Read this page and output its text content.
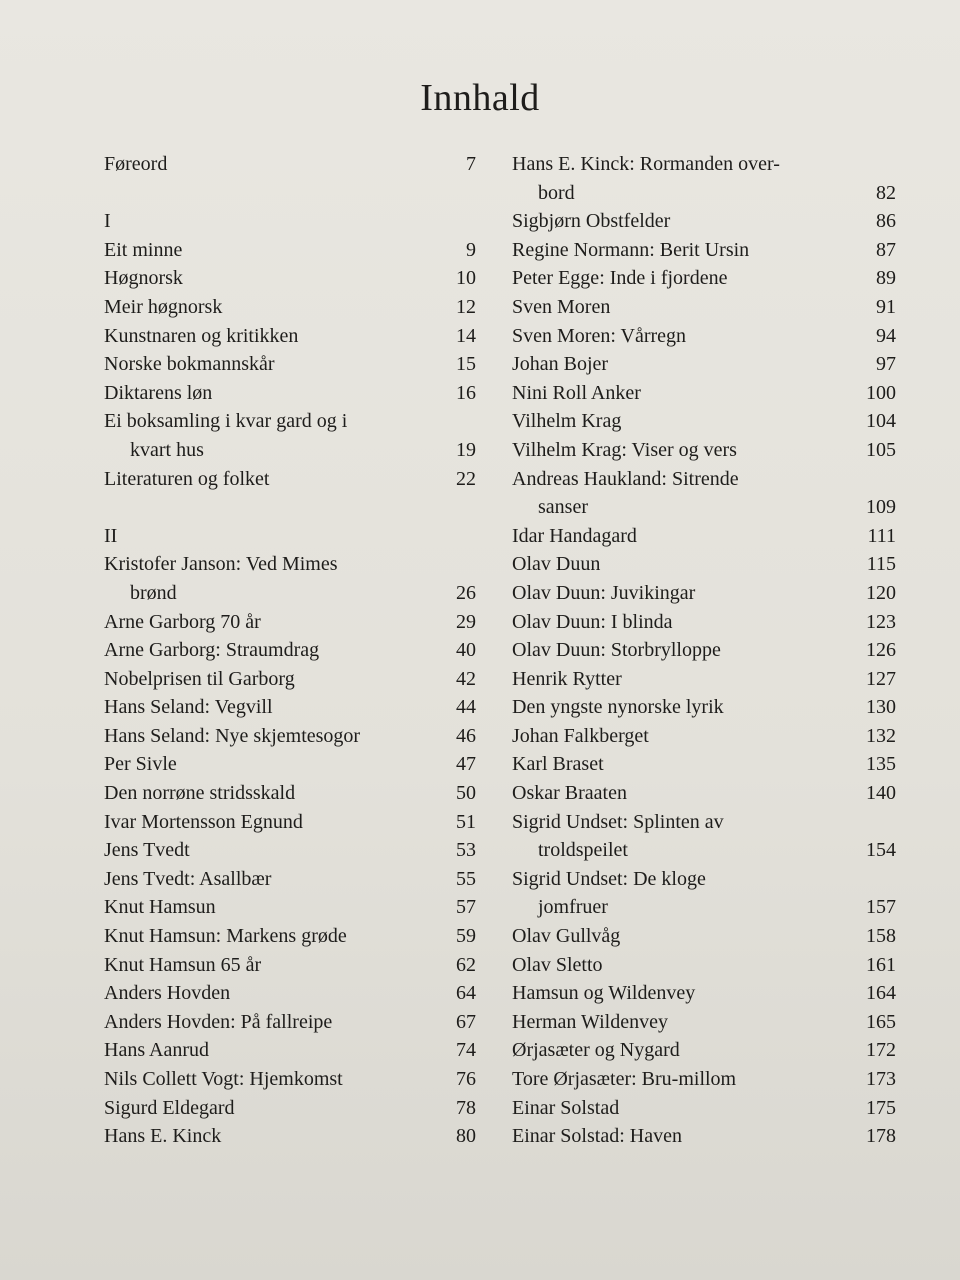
Innhald
Føreord	7
I
Eit minne	9
Høgnorsk	10
Meir høgnorsk	12
Kunstnaren og kritikken	14
Norske bokmannskår	15
Diktarens løn	16
Ei boksamling i kvar gard og i
kvart hus	19
Literaturen og folket	22
II
Kristofer Janson: Ved Mimes
brønd	26
Arne Garborg 70 år	29
Arne Garborg: Straumdrag	40
Nobelprisen til Garborg	42
Hans Seland: Vegvill	44
Hans Seland: Nye skjemtesogor	46
Per Sivle	47
Den norrøne stridsskald	50
Ivar Mortensson Egnund	51
Jens Tvedt	53
Jens Tvedt: Asallbær	55
Knut Hamsun	57
Knut Hamsun: Markens grøde	59
Knut Hamsun 65 år	62
Anders Hovden	64
Anders Hovden: På fallreipe	67
Hans Aanrud	74
Nils Collett Vogt: Hjemkomst	76
Sigurd Eldegard	78
Hans E. Kinck	80
Hans E. Kinck: Rormanden over-
bord	82
Sigbjørn Obstfelder	86
Regine Normann: Berit Ursin	87
Peter Egge: Inde i fjordene	89
Sven Moren	91
Sven Moren: Vårregn	94
Johan Bojer	97
Nini Roll Anker	100
Vilhelm Krag	104
Vilhelm Krag: Viser og vers	105
Andreas Haukland: Sitrende
sanser	109
Idar Handagard	111
Olav Duun	115
Olav Duun: Juvikingar	120
Olav Duun: I blinda	123
Olav Duun: Storbrylloppe	126
Henrik Rytter	127
Den yngste nynorske lyrik	130
Johan Falkberget	132
Karl Braset	135
Oskar Braaten	140
Sigrid Undset: Splinten av
troldspeilet	154
Sigrid Undset: De kloge
jomfruer	157
Olav Gullvåg	158
Olav Sletto	161
Hamsun og Wildenvey	164
Herman Wildenvey	165
Ørjasæter og Nygard	172
Tore Ørjasæter: Bru-millom	173
Einar Solstad	175
Einar Solstad: Haven	178
